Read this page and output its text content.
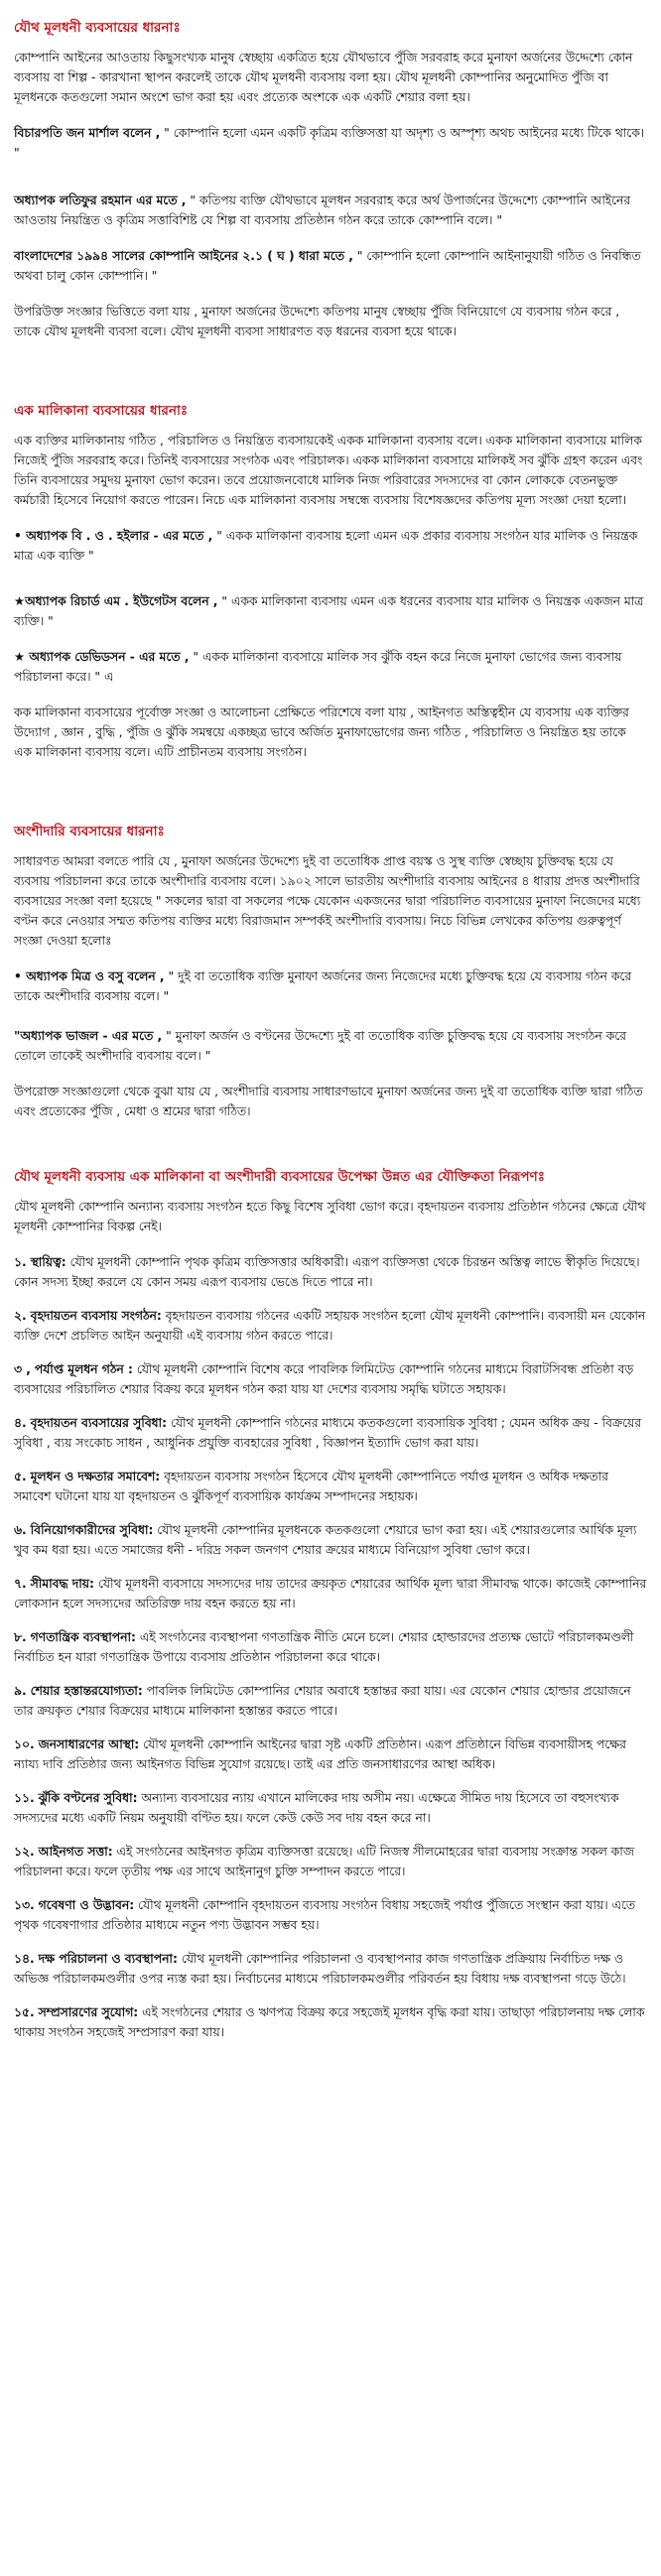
যৌথ মূলধনী ব্যবসায়ের ধারনাঃ

কোম্পানি আইনের আওতায় কিছুসংখ্যক মানুষ স্বেচ্ছায় একত্রিত হয়ে যৌথভাবে পুঁজি সরবরাহ করে মুনাফা অর্জনের উদ্দেশ্যে কোন ব্যবসায় বা শিল্প - কারখানা স্থাপন করলেই তাকে যৌথ মূলধনী ব্যবসায় বলা হয়। যৌথ মূলধনী কোম্পানির অনুমোদিত পুঁজি বা মূলধনকে কতগুলো সমান অংশে ভাগ করা হয় এবং প্রত্যেক অংশকে এক একটি শেয়ার বলা হয়।

বিচারপতি জন মার্শাল বলেন , " কোম্পানি হলো এমন একটি কৃত্রিম ব্যক্তিসত্তা যা অদৃশ্য ও অস্পৃশ্য অথচ আইনের মধ্যে টিকে থাকে। "

অধ্যাপক লতিফুর রহমান এর মতে , " কতিপয় ব্যক্তি যৌথভাবে মূলধন সরবরাহ করে অর্থ উপার্জনের উদ্দেশ্যে কোম্পানি আইনের আওতায় নিয়ন্ত্রিত ও কৃত্রিম সত্তাবিশিষ্ট যে শিল্প বা ব্যবসায় প্রতিষ্ঠান গঠন করে তাকে কোম্পানি বলে। "

বাংলাদেশের ১৯৯৪ সালের কোম্পানি আইনের ২.১ ( ঘ ) ধারা মতে , " কোম্পানি হলো কোম্পানি আইনানুযায়ী গঠিত ও নিবন্ধিত অথবা চালু কোন কোম্পানি। "

উপরিউক্ত সংজ্ঞার ভিত্তিতে বলা যায় , মুনাফা অর্জনের উদ্দেশ্যে কতিপয় মানুষ স্বেচ্ছায় পুঁজি বিনিয়োগে যে ব্যবসায় গঠন করে , তাকে যৌথ মূলধনী ব্যবসা বলে। যৌথ মূলধনী ব্যবসা সাধারণত বড় ধরনের ব্যবসা হয়ে থাকে।

এক মালিকানা ব্যবসায়ের ধারনাঃ

এক ব্যক্তির মালিকানায় গঠিত , পরিচালিত ও নিয়ন্ত্রিত ব্যবসায়কেই একক মালিকানা ব্যবসায় বলে। একক মালিকানা ব্যবসায়ে মালিক নিজেই পুঁজি সরবরাহ করে। তিনিই ব্যবসায়ের সংগঠক এবং পরিচালক। একক মালিকানা ব্যবসায়ে মালিকই সব ঝুঁকি গ্রহণ করেন এবং তিনি ব্যবসায়ের সমুদয় মুনাফা ভোগ করেন। তবে প্রয়োজনবোধে মালিক নিজ পরিবারের সদস্যদের বা কোন লোককে বেতনভুক্ত কর্মচারী হিসেবে নিয়োগ করতে পারেন। নিচে এক মালিকানা ব্যবসায় সম্বন্ধে ব্যবসায় বিশেষজ্ঞদের কতিপয় মূল্য সংজ্ঞা দেয়া হলো।

• অধ্যাপক বি . ও . হইলার - এর মতে , " একক মালিকানা ব্যবসায় হলো এমন এক প্রকার ব্যবসায় সংগঠন যার মালিক ও নিয়ন্ত্রক মাত্র এক ব্যক্তি "

★অধ্যাপক রিচার্ড এম . ইউগেটস বলেন , " একক মালিকানা ব্যবসায় এমন এক ধরনের ব্যবসায় যার মালিক ও নিয়ন্ত্রক একজন মাত্র ব্যক্তি। "

★ অধ্যাপক ডেভিডসন - এর মতে , " একক মালিকানা ব্যবসায়ে মালিক সব ঝুঁকি বহন করে নিজে মুনাফা ভোগের জন্য ব্যবসায় পরিচালনা করে। " এ

কক মালিকানা ব্যবসায়ের পূর্বোক্ত সংজ্ঞা ও আলোচনা প্রেক্ষিতে পরিশেষে বলা যায় , আইনগত অস্তিত্বহীন যে ব্যবসায় এক ব্যক্তির উদ্যোগ , জ্ঞান , বুদ্ধি , পুঁজি ও ঝুঁকি সমন্বয়ে একচ্ছত্র ভাবে অর্জিত মুনাফাভোগের জন্য গঠিত , পরিচালিত ও নিয়ন্ত্রিত হয় তাকে এক মালিকানা ব্যবসায় বলে। এটি প্রাচীনতম ব্যবসায় সংগঠন।

অংশীদারি ব্যবসায়ের ধারনাঃ

সাধারণত আমরা বলতে পারি যে , মুনাফা অর্জনের উদ্দেশ্যে দুই বা ততোধিক প্রাপ্ত বয়স্ক ও সুস্থ ব্যক্তি স্বেচ্ছায় চুক্তিবদ্ধ হয়ে যে ব্যবসায় পরিচালনা করে তাকে অংশীদারি ব্যবসায় বলে। ১৯০২ সালে ভারতীয় অংশীদারি ব্যবসায় আইনের ৪ ধারায় প্রদত্ত অংশীদারি ব্যবসায়ের সংজ্ঞা বলা হয়েছে " সকলের দ্বারা বা সকলের পক্ষে যেকোন একজনের দ্বারা পরিচালিত ব্যবসায়ের মুনাফা নিজেদের মধ্যে বণ্টন করে নেওয়ার সম্মত কতিপয় ব্যক্তির মধ্যে বিরাজমান সম্পর্কই অংশীদারি ব্যবসায়। নিচে বিভিন্ন লেখকের কতিপয় গুরুত্বপূর্ণ সংজ্ঞা দেওয়া হলোঃ

• অধ্যাপক মিত্র ও বসু বলেন , " দুই বা ততোধিক ব্যক্তি মুনাফা অর্জনের জন্য নিজেদের মধ্যে চুক্তিবদ্ধ হয়ে যে ব্যবসায় গঠন করে তাকে অংশীদারি ব্যবসায় বলে। "

"অধ্যাপক ভাজল - এর মতে , " মুনাফা অর্জন ও বণ্টনের উদ্দেশ্যে দুই বা ততোধিক ব্যক্তি চুক্তিবদ্ধ হয়ে যে ব্যবসায় সংগঠন করে তোলে তাকেই অংশীদারি ব্যবসায় বলে। "

উপরোক্ত সংজ্ঞাগুলো থেকে বুঝা যায় যে , অংশীদারি ব্যবসায় সাধারণভাবে মুনাফা অর্জনের জন্য দুই বা ততোধিক ব্যক্তি দ্বারা গঠিত এবং প্রত্যেকের পুঁজি , মেধা ও শ্রমের দ্বারা গঠিত।

যৌথ মূলধনী ব্যবসায় এক মালিকানা বা অংশীদারী ব্যবসায়ের উপেক্ষা উন্নত এর যৌক্তিকতা নিরূপণঃ

যৌথ মূলধনী কোম্পানি অন্যান্য ব্যবসায় সংগঠন হতে কিছু বিশেষ সুবিধা ভোগ করে। বৃহদায়তন ব্যবসায় প্রতিষ্ঠান গঠনের ক্ষেত্রে যৌথ মূলধনী কোম্পানির বিকল্প নেই।

১. স্থায়িত্ব: যৌথ মূলধনী কোম্পানি পৃথক কৃত্রিম ব্যক্তিসত্তার অধিকারী। এরূপ ব্যক্তিসত্তা থেকে চিরন্তন অস্তিত্ব লাভে স্বীকৃতি দিয়েছে। কোন সদস্য ইচ্ছা করলে যে কোন সময় এরূপ ব্যবসায় ভেঙে দিতে পারে না।

২. বৃহদায়তন ব্যবসায় সংগঠন: বৃহদায়তন ব্যবসায় গঠনের একটি সহায়ক সংগঠন হলো যৌথ মূলধনী কোম্পানি। ব্যবসায়ী মন যেকোন ব্যক্তি দেশে প্রচলিত আইন অনুযায়ী এই ব্যবসায় গঠন করতে পারে।

৩ , পর্যাপ্ত মূলধন গঠন : যৌথ মূলধনী কোম্পানি বিশেষ করে পাবলিক লিমিটেড কোম্পানি গঠনের মাধ্যমে বিরাটসিবন্ধ প্রতিষ্ঠা বড় ব্যবসায়ের পরিচালিত শেয়ার বিক্রয় করে মূলধন গঠন করা যায় যা দেশের ব্যবসায় সমৃদ্ধি ঘটাতে সহায়ক।

৪. বৃহদায়তন ব্যবসায়ের সুবিধা: যৌথ মূলধনী কোম্পানি গঠনের মাধ্যমে কতকগুলো ব্যবসায়িক সুবিধা ; যেমন অধিক ক্রয় - বিক্রয়ের সুবিধা , ব্যয় সংকোচ সাধন , আধুনিক প্রযুক্তি ব্যবহারের সুবিধা , বিজ্ঞাপন ইত্যাদি ভোগ করা যায়।

৫. মূলধন ও দক্ষতার সমাবেশ: বৃহদায়তন ব্যবসায় সংগঠন হিসেবে যৌথ মূলধনী কোম্পানিতে পর্যাপ্ত মূলধন ও অধিক দক্ষতার সমাবেশ ঘটানো যায় যা বৃহদায়তন ও ঝুঁকিপূর্ণ ব্যবসায়িক কার্যক্রম সম্পাদনের সহায়ক।

৬. বিনিয়োগকারীদের সুবিধা: যৌথ মূলধনী কোম্পানির মূলধনকে কতকগুলো শেয়ারে ভাগ করা হয়। এই শেয়ারগুলোর আর্থিক মূল্য খুব কম ধরা হয়। এতে সমাজের ধনী - দরিদ্র সকল জনগণ শেয়ার ক্রয়ের মাধ্যমে বিনিয়োগ সুবিধা ভোগ করে।

৭. সীমাবদ্ধ দায়: যৌথ মূলধনী ব্যবসায়ে সদস্যদের দায় তাদের ক্রয়কৃত শেয়ারের আর্থিক মূল্য দ্বারা সীমাবদ্ধ থাকে। কাজেই কোম্পানির লোকসান হলে সদস্যদের অতিরিক্ত দায় বহন করতে হয় না।

৮. গণতান্ত্রিক ব্যবস্থাপনা: এই সংগঠনের ব্যবস্থাপনা গণতান্ত্রিক নীতি মেনে চলে। শেয়ার হোল্ডারদের প্রত্যক্ষ ভোটে পরিচালকমণ্ডলী নির্বাচিত হন যারা গণতান্ত্রিক উপায়ে ব্যবসায় প্রতিষ্ঠান পরিচালনা করে থাকে।

৯. শেয়ার হস্তান্তরযোগ্যতা: পাবলিক লিমিটেড কোম্পানির শেয়ার অবাধে হস্তান্তর করা যায়। এর যেকোন শেয়ার হোল্ডার প্রয়োজনে তার ক্রয়কৃত শেয়ার বিক্রয়ের মাধ্যমে মালিকানা হস্তান্তর করতে পারে।

১০. জনসাধারণের আস্থা: যৌথ মূলধনী কোম্পানি আইনের দ্বারা সৃষ্ট একটি প্রতিষ্ঠান। এরূপ প্রতিষ্ঠানে বিভিন্ন ব্যবসায়ীসহ পক্ষের ন্যায্য দাবি প্রতিষ্ঠার জন্য আইনগত বিভিন্ন সুযোগ রয়েছে। তাই এর প্রতি জনসাধারণের আস্থা অধিক।

১১. ঝুঁকি বণ্টনের সুবিধা: অন্যান্য ব্যবসায়ের ন্যায় এখানে মালিকের দায় অসীম নয়। এক্ষেত্রে সীমিত দায় হিসেবে তা বহুসংখ্যক সদস্যদের মধ্যে একটি নিয়ম অনুযায়ী বণ্টিত হয়। ফলে কেউ কেউ সব দায় বহন করে না।

১২. আইনগত সত্তা: এই সংগঠনের আইনগত কৃত্রিম ব্যক্তিসত্তা রয়েছে। এটি নিজস্ব সীলমোহরের দ্বারা ব্যবসায় সংক্রান্ত সকল কাজ পরিচালনা করে। ফলে তৃতীয় পক্ষ এর সাথে আইনানুগ চুক্তি সম্পাদন করতে পারে।

১৩. গবেষণা ও উদ্ভাবন: যৌথ মূলধনী কোম্পানি বৃহদায়তন ব্যবসায় সংগঠন বিধায় সহজেই পর্যাপ্ত পুঁজিতে সংস্থান করা যায়। এতে পৃথক গবেষণাগার প্রতিষ্ঠার মাধ্যমে নতুন পণ্য উদ্ভাবন সম্ভব হয়।

১৪. দক্ষ পরিচালনা ও ব্যবস্থাপনা: যৌথ মূলধনী কোম্পানির পরিচালনা ও ব্যবস্থাপনার কাজ গণতান্ত্রিক প্রক্রিয়ায় নির্বাচিত দক্ষ ও অভিজ্ঞ পরিচালকমণ্ডলীর ওপর ন্যস্ত করা হয়। নির্বাচনের মাধ্যমে পরিচালকমণ্ডলীর পরিবর্তন হয় বিধায় দক্ষ ব্যবস্থাপনা গড়ে উঠে।

১৫. সম্প্রসারণের সুযোগ: এই সংগঠনের শেয়ার ও ঋণপত্র বিক্রয় করে সহজেই মূলধন বৃদ্ধি করা যায়। তাছাড়া পরিচালনায় দক্ষ লোক থাকায় সংগঠন সহজেই সম্প্রসারণ করা যায়।
